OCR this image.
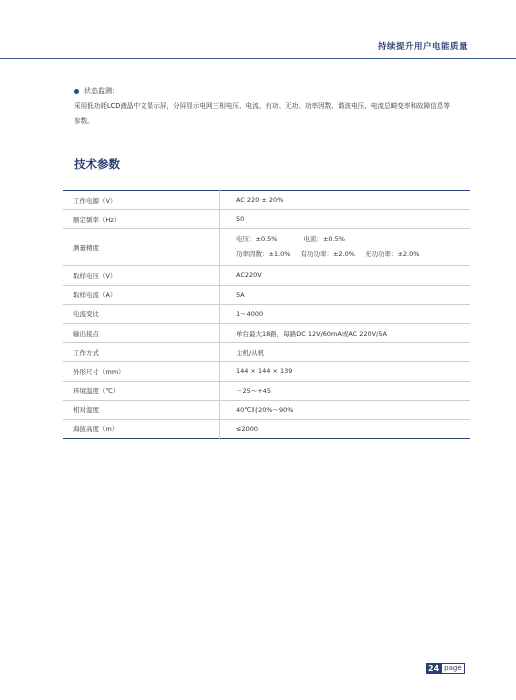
持续提升用户电能质量
状态监测：
采用低功耗LCD液晶中文显示屏，分屏显示电网三相电压、电流、有功、无功、功率因数、谐波电压、电流总畸变率和故障信息等参数。
技术参数
工作电源（V）	AC 220 ± 20%
额定频率（Hz）	50
测量精度	电压：±0.5% 电流：±0.5%
功率因数：±1.0% 有功功率：±2.0% 无功功率：±2.0%

取样电压（V）	AC220V
取样电流（A）	5A
电流变比	1～4000
输出接点	单台最大18路，每路DC 12V/60mA或AC 220V/5A
工作方式	主机/从机
外形尺寸（mm）	144 × 144 × 139
环境温度（℃）	－25～+45
相对湿度	40℃时20%～90%
海拔高度（m）	≤2000
24 page
